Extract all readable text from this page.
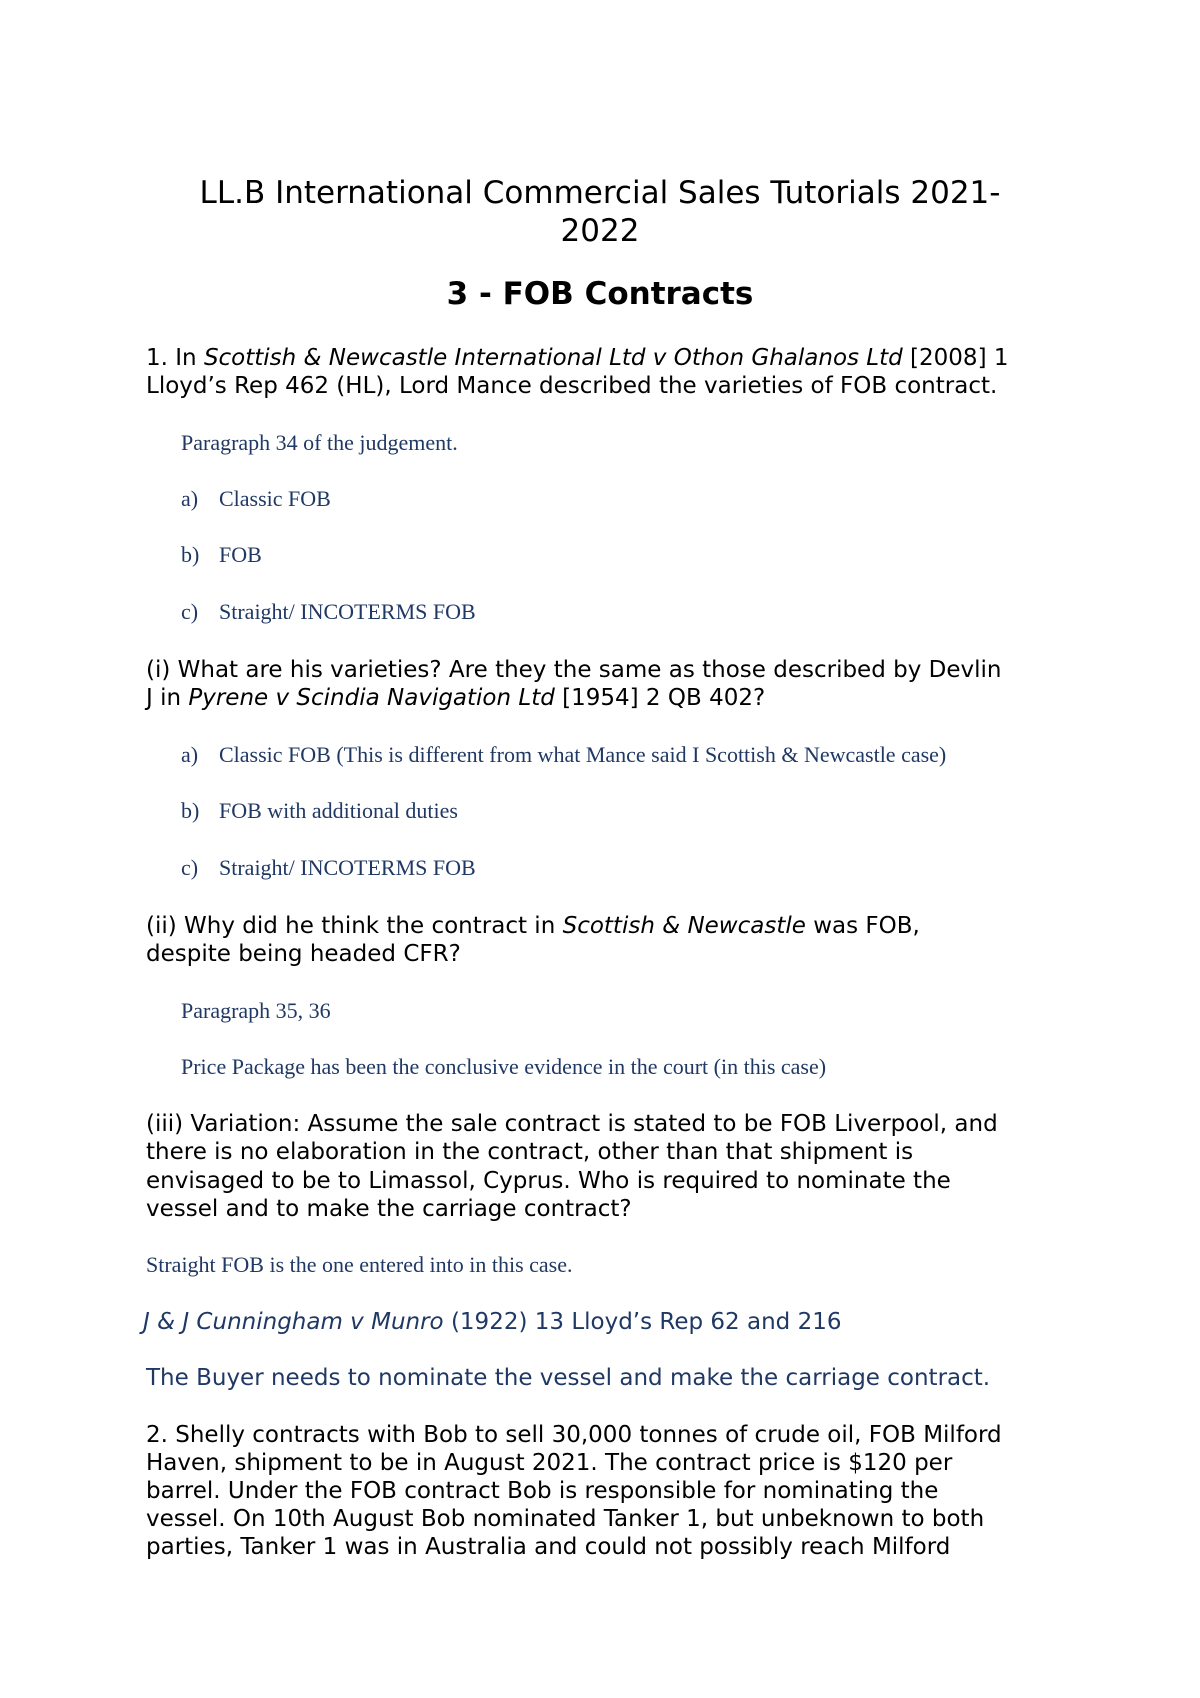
LL.B International Commercial Sales Tutorials 2021-

2022

3 - FOB Contracts

1. In Scottish & Newcastle International Ltd v Othon Ghalanos Ltd [2008] 1

Lloyd’s Rep 462 (HL), Lord Mance described the varieties of FOB contract.

Paragraph 34 of the judgement.

a) Classic FOB

b) FOB

c) Straight/ INCOTERMS FOB

(i) What are his varieties? Are they the same as those described by Devlin

J in Pyrene v Scindia Navigation Ltd [1954] 2 QB 402?

a) Classic FOB (This is different from what Mance said I Scottish & Newcastle case)

b) FOB with additional duties

c) Straight/ INCOTERMS FOB

(ii) Why did he think the contract in Scottish & Newcastle was FOB,

despite being headed CFR?

Paragraph 35, 36

Price Package has been the conclusive evidence in the court (in this case)

(iii) Variation: Assume the sale contract is stated to be FOB Liverpool, and

there is no elaboration in the contract, other than that shipment is

envisaged to be to Limassol, Cyprus. Who is required to nominate the

vessel and to make the carriage contract?

Straight FOB is the one entered into in this case.

J & J Cunningham v Munro (1922) 13 Lloyd’s Rep 62 and 216

The Buyer needs to nominate the vessel and make the carriage contract.

2. Shelly contracts with Bob to sell 30,000 tonnes of crude oil, FOB Milford

Haven, shipment to be in August 2021. The contract price is $120 per

barrel. Under the FOB contract Bob is responsible for nominating the

vessel. On 10th August Bob nominated Tanker 1, but unbeknown to both

parties, Tanker 1 was in Australia and could not possibly reach Milford
